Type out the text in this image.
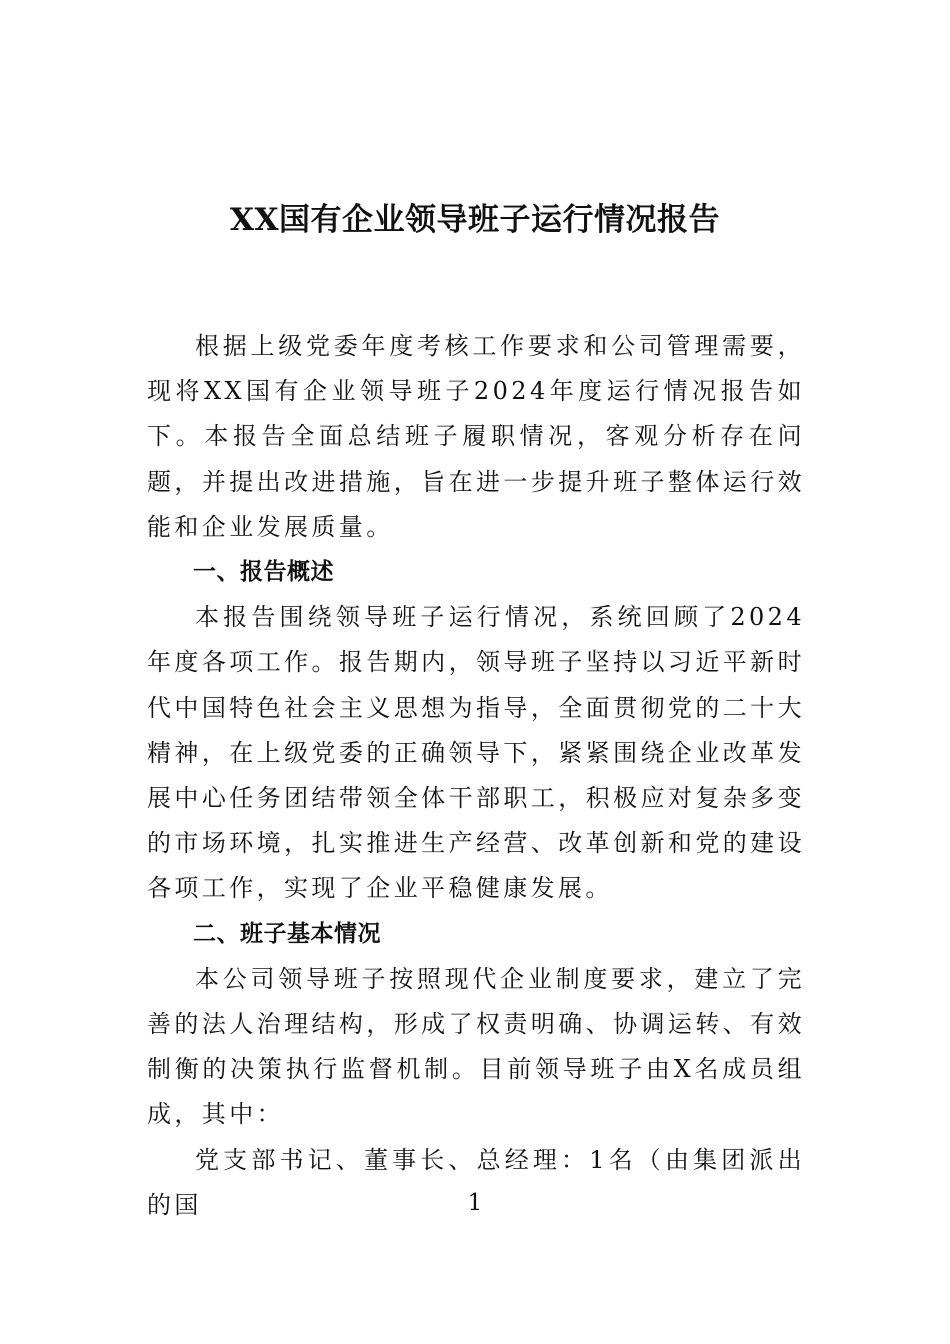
XX国有企业领导班子运行情况报告

根据上级党委年度考核工作要求和公司管理需要，现将XX国有企业领导班子2024年度运行情况报告如下。本报告全面总结班子履职情况，客观分析存在问题，并提出改进措施，旨在进一步提升班子整体运行效能和企业发展质量。

一、报告概述

本报告围绕领导班子运行情况，系统回顾了2024年度各项工作。报告期内，领导班子坚持以习近平新时代中国特色社会主义思想为指导，全面贯彻党的二十大精神，在上级党委的正确领导下，紧紧围绕企业改革发展中心任务团结带领全体干部职工，积极应对复杂多变的市场环境，扎实推进生产经营、改革创新和党的建设各项工作，实现了企业平稳健康发展。

二、班子基本情况

本公司领导班子按照现代企业制度要求，建立了完善的法人治理结构，形成了权责明确、协调运转、有效制衡的决策执行监督机制。目前领导班子由X名成员组成，其中：

党支部书记、董事长、总经理：1名（由集团派出的国	1
